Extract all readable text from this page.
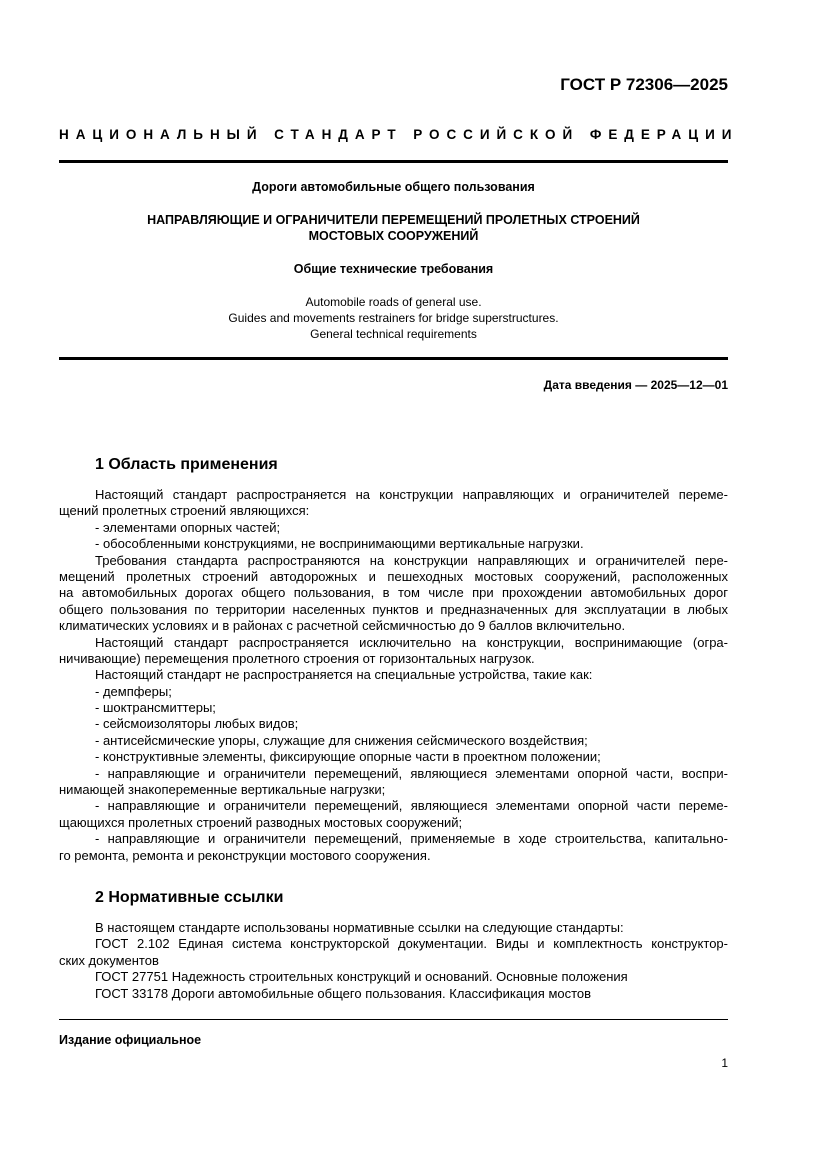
ГОСТ Р 72306—2025
НАЦИОНАЛЬНЫЙ СТАНДАРТ РОССИЙСКОЙ ФЕДЕРАЦИИ
Дороги автомобильные общего пользования
НАПРАВЛЯЮЩИЕ И ОГРАНИЧИТЕЛИ ПЕРЕМЕЩЕНИЙ ПРОЛЕТНЫХ СТРОЕНИЙ
МОСТОВЫХ СООРУЖЕНИЙ
Общие технические требования
Automobile roads of general use.
Guides and movements restrainers for bridge superstructures.
General technical requirements
Дата введения — 2025—12—01
1 Область применения
Настоящий стандарт распространяется на конструкции направляющих и ограничителей переме-
щений пролетных строений являющихся:
- элементами опорных частей;
- обособленными конструкциями, не воспринимающими вертикальные нагрузки.
Требования стандарта распространяются на конструкции направляющих и ограничителей пере-
мещений пролетных строений автодорожных и пешеходных мостовых сооружений, расположенных
на автомобильных дорогах общего пользования, в том числе при прохождении автомобильных дорог
общего пользования по территории населенных пунктов и предназначенных для эксплуатации в любых
климатических условиях и в районах с расчетной сейсмичностью до 9 баллов включительно.
Настоящий стандарт распространяется исключительно на конструкции, воспринимающие (огра-
ничивающие) перемещения пролетного строения от горизонтальных нагрузок.
Настоящий стандарт не распространяется на специальные устройства, такие как:
- демпферы;
- шоктрансмиттеры;
- сейсмоизоляторы любых видов;
- антисейсмические упоры, служащие для снижения сейсмического воздействия;
- конструктивные элементы, фиксирующие опорные части в проектном положении;
- направляющие и ограничители перемещений, являющиеся элементами опорной части, воспри-
нимающей знакопеременные вертикальные нагрузки;
- направляющие и ограничители перемещений, являющиеся элементами опорной части переме-
щающихся пролетных строений разводных мостовых сооружений;
- направляющие и ограничители перемещений, применяемые в ходе строительства, капитально-
го ремонта, ремонта и реконструкции мостового сооружения.
2 Нормативные ссылки
В настоящем стандарте использованы нормативные ссылки на следующие стандарты:
ГОСТ 2.102 Единая система конструкторской документации. Виды и комплектность конструктор-
ских документов
ГОСТ 27751 Надежность строительных конструкций и оснований. Основные положения
ГОСТ 33178 Дороги автомобильные общего пользования. Классификация мостов
Издание официальное
1
